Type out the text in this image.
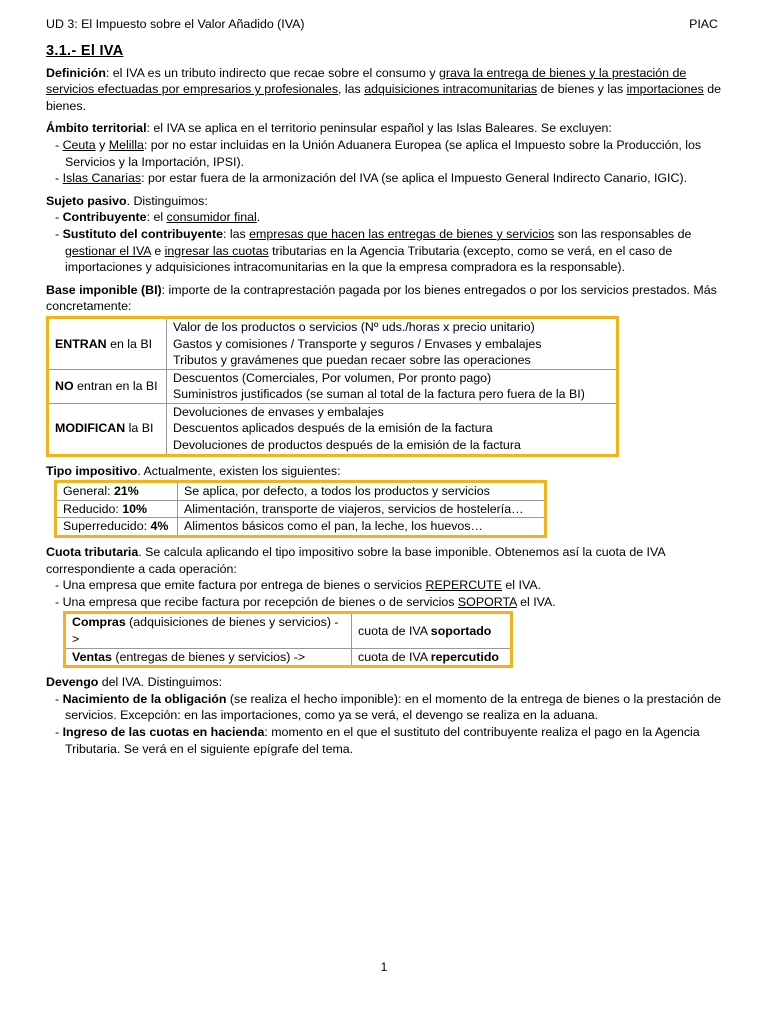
UD 3: El Impuesto sobre el Valor Añadido (IVA)	PIAC
3.1.- El IVA

Definición: el IVA es un tributo indirecto que recae sobre el consumo y grava la entrega de bienes y la prestación de servicios efectuadas por empresarios y profesionales, las adquisiciones intracomunitarias de bienes y las importaciones de bienes.

Ámbito territorial: el IVA se aplica en el territorio peninsular español y las Islas Baleares. Se excluyen:
- Ceuta y Melilla: por no estar incluidas en la Unión Aduanera Europea (se aplica el Impuesto sobre la Producción, los Servicios y la Importación, IPSI).
- Islas Canarias: por estar fuera de la armonización del IVA (se aplica el Impuesto General Indirecto Canario, IGIC).
Sujeto pasivo. Distinguimos:
- Contribuyente: el consumidor final.
- Sustituto del contribuyente: las empresas que hacen las entregas de bienes y servicios son las responsables de gestionar el IVA e ingresar las cuotas tributarias en la Agencia Tributaria (excepto, como se verá, en el caso de importaciones y adquisiciones intracomunitarias en la que la empresa compradora es la responsable).
Base imponible (BI): importe de la contraprestación pagada por los bienes entregados o por los servicios prestados. Más concretamente:
ENTRAN en la BI	Valor de los productos o servicios (Nº uds./horas x precio unitario)
Gastos y comisiones / Transporte y seguros / Envases y embalajes
Tributos y gravámenes que puedan recaer sobre las operaciones

NO entran en la BI	Descuentos (Comerciales, Por volumen, Por pronto pago)
Suministros justificados (se suman al total de la factura pero fuera de la BI)

MODIFICAN la BI	Devoluciones de envases y embalajes
Descuentos aplicados después de la emisión de la factura
Devoluciones de productos después de la emisión de la factura
Tipo impositivo. Actualmente, existen los siguientes:
General: 21%	Se aplica, por defecto, a todos los productos y servicios
Reducido: 10%	Alimentación, transporte de viajeros, servicios de hostelería…
Superreducido: 4%	Alimentos básicos como el pan, la leche, los huevos…
Cuota tributaria. Se calcula aplicando el tipo impositivo sobre la base imponible. Obtenemos así la cuota de IVA correspondiente a cada operación:
- Una empresa que emite factura por entrega de bienes o servicios REPERCUTE el IVA.
- Una empresa que recibe factura por recepción de bienes o de servicios SOPORTA el IVA.
Compras (adquisiciones de bienes y servicios) ->	cuota de IVA soportado
Ventas (entregas de bienes y servicios) ->	cuota de IVA repercutido
Devengo del IVA. Distinguimos:
- Nacimiento de la obligación (se realiza el hecho imponible): en el momento de la entrega de bienes o la prestación de servicios. Excepción: en las importaciones, como ya se verá, el devengo se realiza en la aduana.
- Ingreso de las cuotas en hacienda: momento en el que el sustituto del contribuyente realiza el pago en la Agencia Tributaria. Se verá en el siguiente epígrafe del tema.
1
